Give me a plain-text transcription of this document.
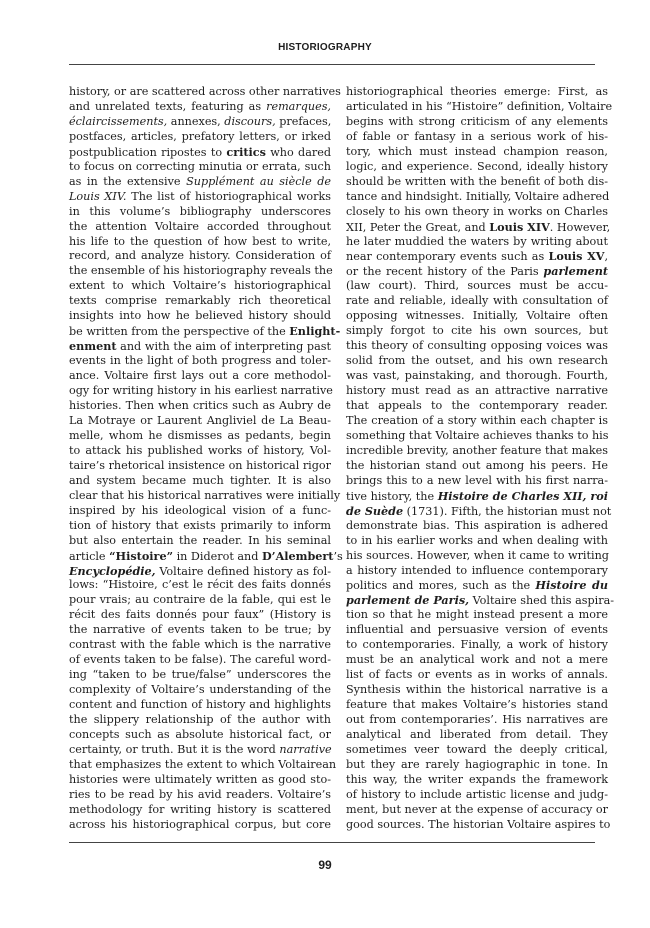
HISTORIOGRAPHY
history, or are scattered across other narratives
and unrelated texts, featuring as remarques,
éclaircissements, annexes, discours, prefaces,
postfaces, articles, prefatory letters, or irked
postpublication ripostes to critics who dared
to focus on correcting minutia or errata, such
as in the extensive Supplément au siècle de
Louis XIV. The list of historiographical works
in this volume’s bibliography underscores
the attention Voltaire accorded throughout
his life to the question of how best to write,
record, and analyze history. Consideration of
the ensemble of his historiography reveals the
extent to which Voltaire’s historiographical
texts comprise remarkably rich theoretical
insights into how he believed history should
be written from the perspective of the Enlight-
enment and with the aim of interpreting past
events in the light of both progress and toler-
ance. Voltaire first lays out a core methodol-
ogy for writing history in his earliest narrative
histories. Then when critics such as Aubry de
La Motraye or Laurent Angliviel de La Beau-
melle, whom he dismisses as pedants, begin
to attack his published works of history, Vol-
taire’s rhetorical insistence on historical rigor
and system became much tighter. It is also
clear that his historical narratives were initially
inspired by his ideological vision of a func-
tion of history that exists primarily to inform
but also entertain the reader. In his seminal
article “Histoire” in Diderot and D’Alembert’s
Encyclopédie, Voltaire defined history as fol-
lows: “Histoire, c’est le récit des faits donnés
pour vrais; au contraire de la fable, qui est le
récit des faits donnés pour faux” (History is
the narrative of events taken to be true; by
contrast with the fable which is the narrative
of events taken to be false). The careful word-
ing “taken to be true/false” underscores the
complexity of Voltaire’s understanding of the
content and function of history and highlights
the slippery relationship of the author with
concepts such as absolute historical fact, or
certainty, or truth. But it is the word narrative
that emphasizes the extent to which Voltairean
histories were ultimately written as good sto-
ries to be read by his avid readers. Voltaire’s
methodology for writing history is scattered
across his historiographical corpus, but core
historiographical theories emerge: First, as
articulated in his “Histoire” definition, Voltaire
begins with strong criticism of any elements
of fable or fantasy in a serious work of his-
tory, which must instead champion reason,
logic, and experience. Second, ideally history
should be written with the benefit of both dis-
tance and hindsight. Initially, Voltaire adhered
closely to his own theory in works on Charles
XII, Peter the Great, and Louis XIV. However,
he later muddied the waters by writing about
near contemporary events such as Louis XV,
or the recent history of the Paris parlement
(law court). Third, sources must be accu-
rate and reliable, ideally with consultation of
opposing witnesses. Initially, Voltaire often
simply forgot to cite his own sources, but
this theory of consulting opposing voices was
solid from the outset, and his own research
was vast, painstaking, and thorough. Fourth,
history must read as an attractive narrative
that appeals to the contemporary reader.
The creation of a story within each chapter is
something that Voltaire achieves thanks to his
incredible brevity, another feature that makes
the historian stand out among his peers. He
brings this to a new level with his first narra-
tive history, the Histoire de Charles XII, roi
de Suède (1731). Fifth, the historian must not
demonstrate bias. This aspiration is adhered
to in his earlier works and when dealing with
his sources. However, when it came to writing
a history intended to influence contemporary
politics and mores, such as the Histoire du
parlement de Paris, Voltaire shed this aspira-
tion so that he might instead present a more
influential and persuasive version of events
to contemporaries. Finally, a work of history
must be an analytical work and not a mere
list of facts or events as in works of annals.
Synthesis within the historical narrative is a
feature that makes Voltaire’s histories stand
out from contemporaries’. His narratives are
analytical and liberated from detail. They
sometimes veer toward the deeply critical,
but they are rarely hagiographic in tone. In
this way, the writer expands the framework
of history to include artistic license and judg-
ment, but never at the expense of accuracy or
good sources. The historian Voltaire aspires to
99
